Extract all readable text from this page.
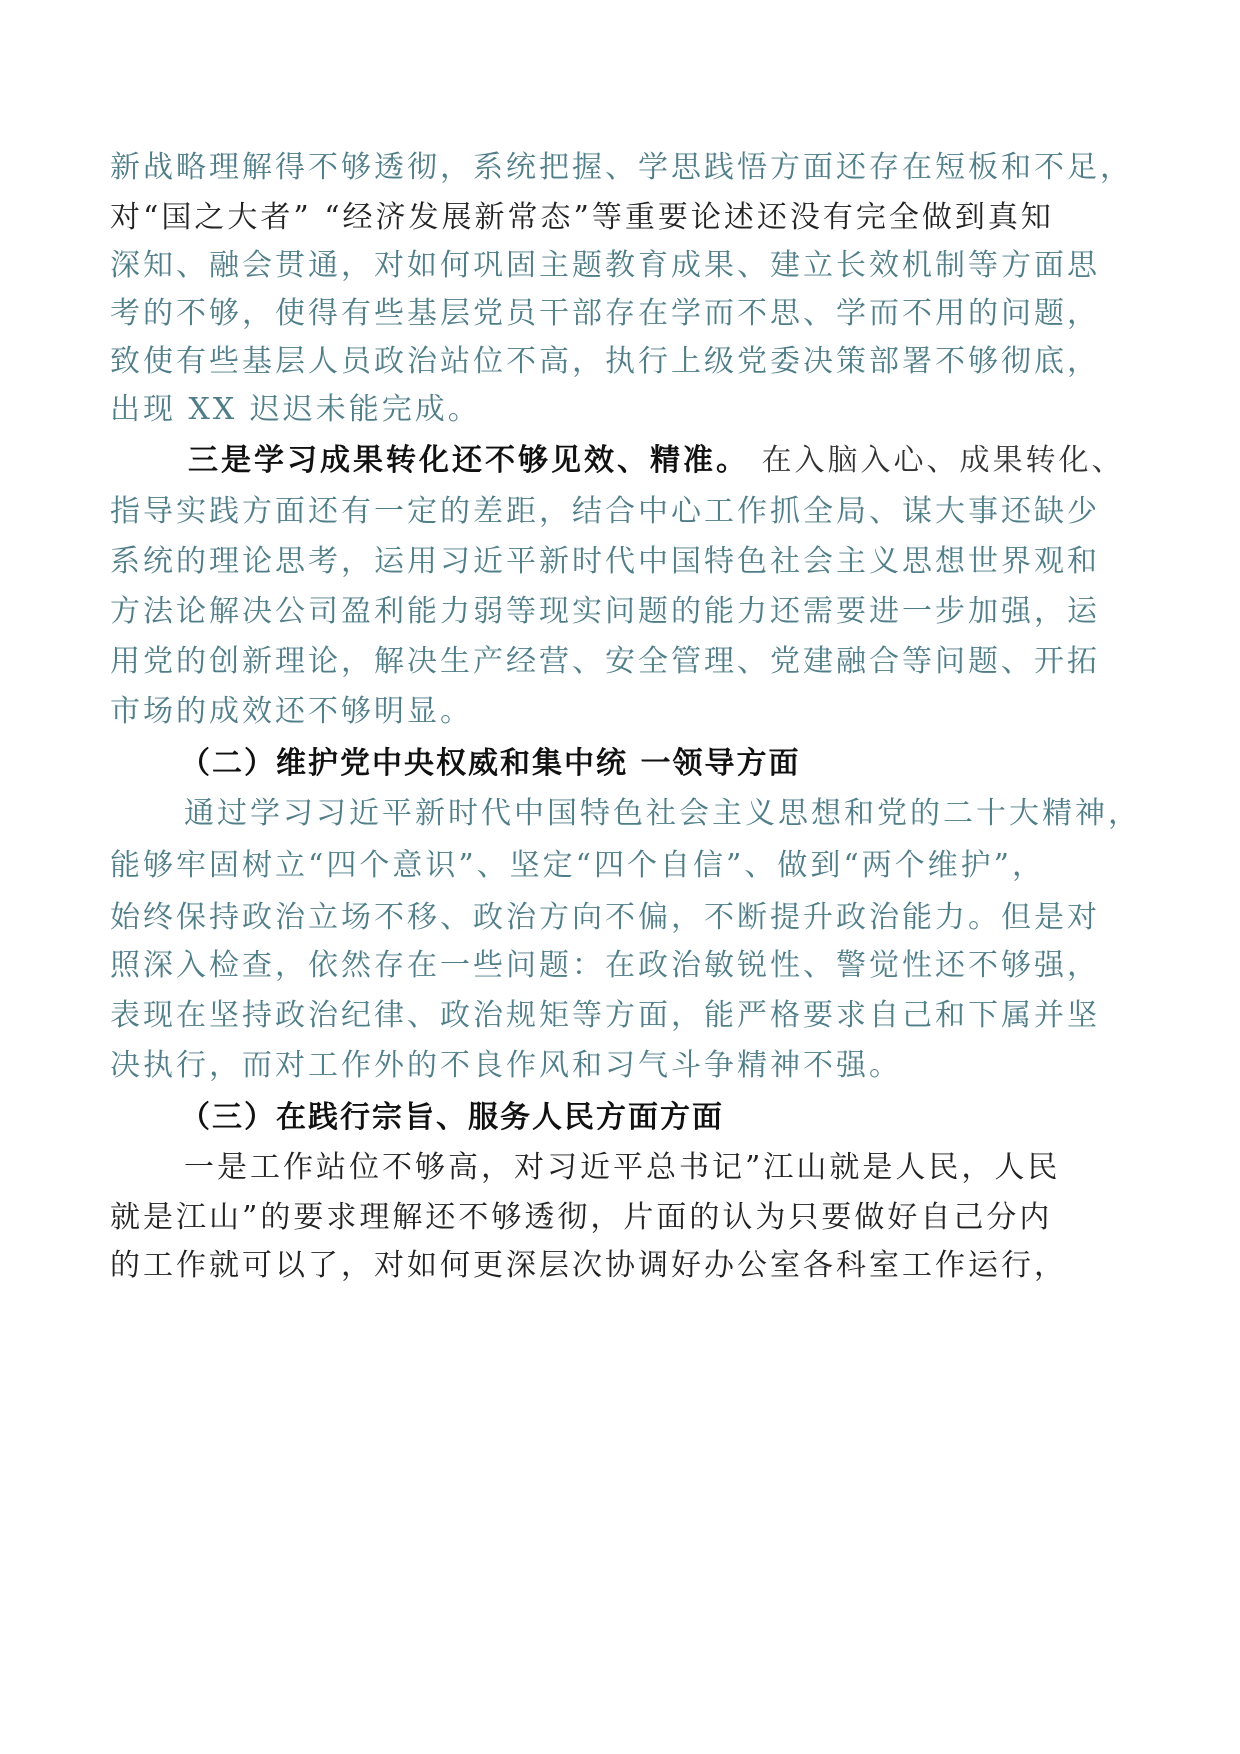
新战略理解得不够透彻，系统把握、学思践悟方面还存在短板和不足，
对“国之大者” “经济发展新常态”等重要论述还没有完全做到真知
深知、融会贯通，对如何巩固主题教育成果、建立长效机制等方面思
考的不够，使得有些基层党员干部存在学而不思、学而不用的问题，
致使有些基层人员政治站位不高，执行上级党委决策部署不够彻底，
出现 XX 迟迟未能完成。
三是学习成果转化还不够见效、精准。 在入脑入心、成果转化、
指导实践方面还有一定的差距，结合中心工作抓全局、谋大事还缺少
系统的理论思考，运用习近平新时代中国特色社会主义思想世界观和
方法论解决公司盈利能力弱等现实问题的能力还需要进一步加强，运
用党的创新理论，解决生产经营、安全管理、党建融合等问题、开拓
市场的成效还不够明显。
（二）维护党中央权威和集中统 一领导方面
通过学习习近平新时代中国特色社会主义思想和党的二十大精神，
能够牢固树立“四个意识”、坚定“四个自信”、做到“两个维护”，
始终保持政治立场不移、政治方向不偏，不断提升政治能力。但是对
照深入检查，依然存在一些问题：在政治敏锐性、警觉性还不够强，
表现在坚持政治纪律、政治规矩等方面，能严格要求自己和下属并坚
决执行，而对工作外的不良作风和习气斗争精神不强。
（三）在践行宗旨、服务人民方面方面
一是工作站位不够高，对习近平总书记”江山就是人民，人民
就是江山”的要求理解还不够透彻，片面的认为只要做好自己分内
的工作就可以了，对如何更深层次协调好办公室各科室工作运行，
